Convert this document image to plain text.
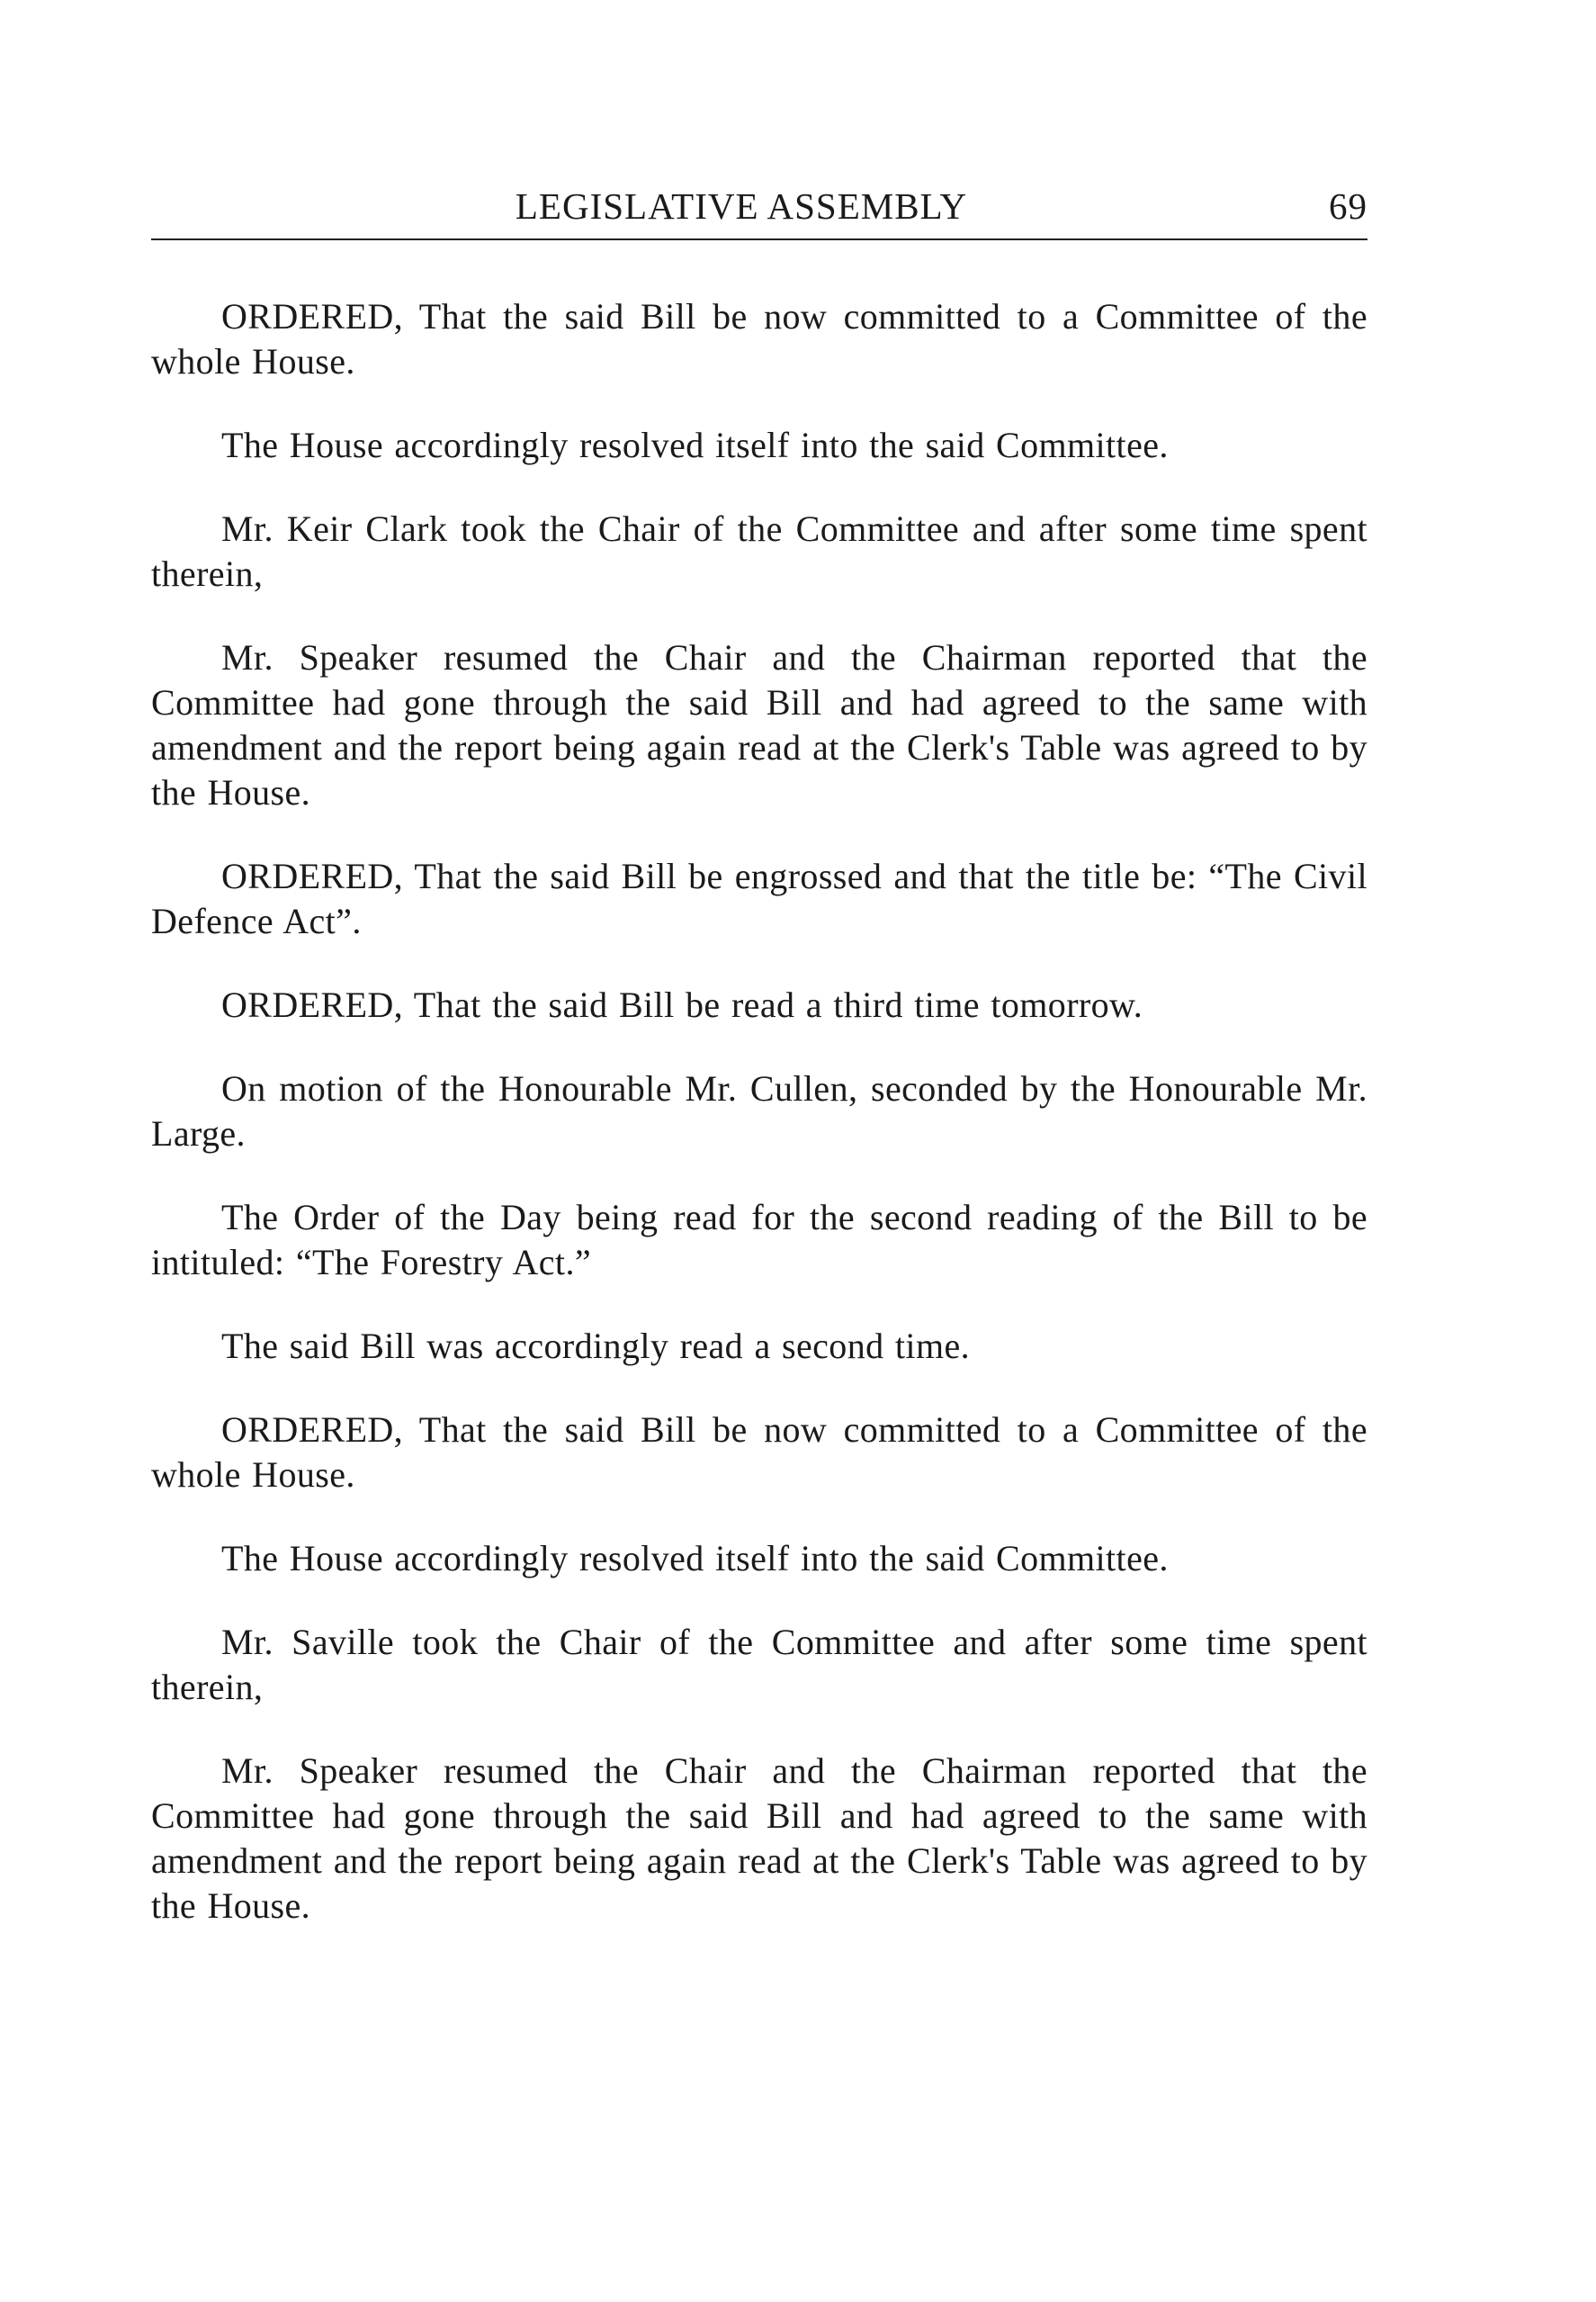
LEGISLATIVE ASSEMBLY	69

ORDERED, That the said Bill be now committed to a Committee of the whole House.

The House accordingly resolved itself into the said Committee.

Mr. Keir Clark took the Chair of the Committee and after some time spent therein,

Mr. Speaker resumed the Chair and the Chairman reported that the Committee had gone through the said Bill and had agreed to the same with amendment and the report being again read at the Clerk's Table was agreed to by the House.

ORDERED, That the said Bill be engrossed and that the title be: “The Civil Defence Act”.

ORDERED, That the said Bill be read a third time tomorrow.

On motion of the Honourable Mr. Cullen, seconded by the Honourable Mr. Large.

The Order of the Day being read for the second reading of the Bill to be intituled: “The Forestry Act.”

The said Bill was accordingly read a second time.

ORDERED, That the said Bill be now committed to a Committee of the whole House.

The House accordingly resolved itself into the said Committee.

Mr. Saville took the Chair of the Committee and after some time spent therein,

Mr. Speaker resumed the Chair and the Chairman reported that the Committee had gone through the said Bill and had agreed to the same with amendment and the report being again read at the Clerk's Table was agreed to by the House.
